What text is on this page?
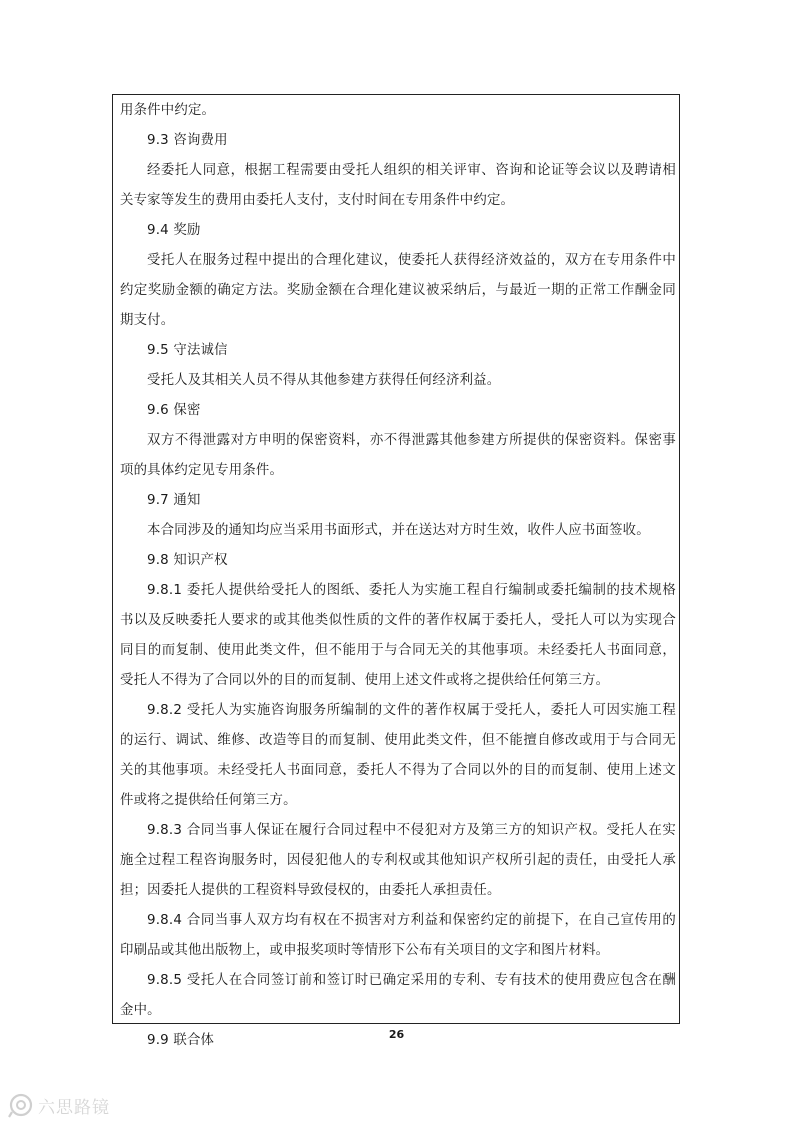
用条件中约定。
9.3 咨询费用
经委托人同意，根据工程需要由受托人组织的相关评审、咨询和论证等会议以及聘请相
关专家等发生的费用由委托人支付，支付时间在专用条件中约定。
9.4 奖励
受托人在服务过程中提出的合理化建议，使委托人获得经济效益的，双方在专用条件中
约定奖励金额的确定方法。奖励金额在合理化建议被采纳后，与最近一期的正常工作酬金同
期支付。
9.5 守法诚信
受托人及其相关人员不得从其他参建方获得任何经济利益。
9.6 保密
双方不得泄露对方申明的保密资料，亦不得泄露其他参建方所提供的保密资料。保密事
项的具体约定见专用条件。
9.7 通知
本合同涉及的通知均应当采用书面形式，并在送达对方时生效，收件人应书面签收。
9.8 知识产权
9.8.1 委托人提供给受托人的图纸、委托人为实施工程自行编制或委托编制的技术规格
书以及反映委托人要求的或其他类似性质的文件的著作权属于委托人，受托人可以为实现合
同目的而复制、使用此类文件，但不能用于与合同无关的其他事项。未经委托人书面同意，
受托人不得为了合同以外的目的而复制、使用上述文件或将之提供给任何第三方。
9.8.2 受托人为实施咨询服务所编制的文件的著作权属于受托人，委托人可因实施工程
的运行、调试、维修、改造等目的而复制、使用此类文件，但不能擅自修改或用于与合同无
关的其他事项。未经受托人书面同意，委托人不得为了合同以外的目的而复制、使用上述文
件或将之提供给任何第三方。
9.8.3 合同当事人保证在履行合同过程中不侵犯对方及第三方的知识产权。受托人在实
施全过程工程咨询服务时，因侵犯他人的专利权或其他知识产权所引起的责任，由受托人承
担；因委托人提供的工程资料导致侵权的，由委托人承担责任。
9.8.4 合同当事人双方均有权在不损害对方利益和保密约定的前提下，在自己宣传用的
印刷品或其他出版物上，或申报奖项时等情形下公布有关项目的文字和图片材料。
9.8.5 受托人在合同签订前和签订时已确定采用的专利、专有技术的使用费应包含在酬
金中。
9.9 联合体	26
六思路镜
